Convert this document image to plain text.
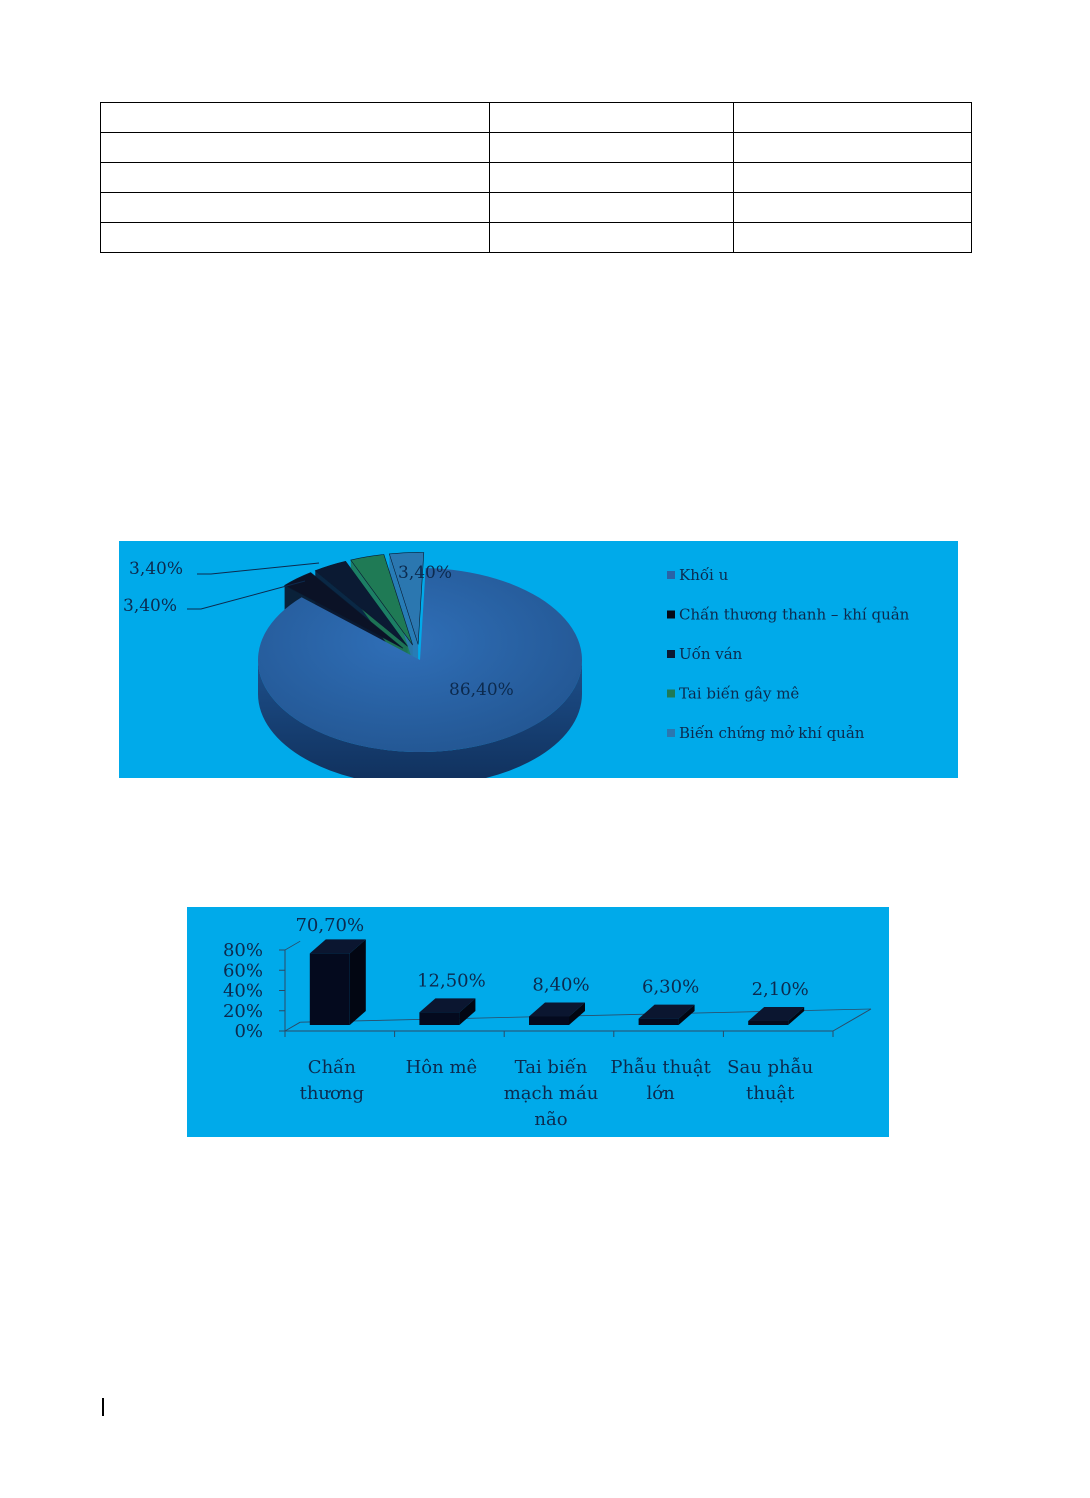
86,40%
3,40%
3,40%
3,40%	Khối u
Chấn thương thanh – khí quản
Uốn ván
Tai biến gây mê
Biến chứng mở khí quản
80%
60%
40%
20%
0%
70,70%
Chấn
thương
12,50%
Hôn mê
8,40%
Tai biến
mạch máu
não
6,30%
Phẫu thuật
lớn
2,10%
Sau phẫu
thuật
